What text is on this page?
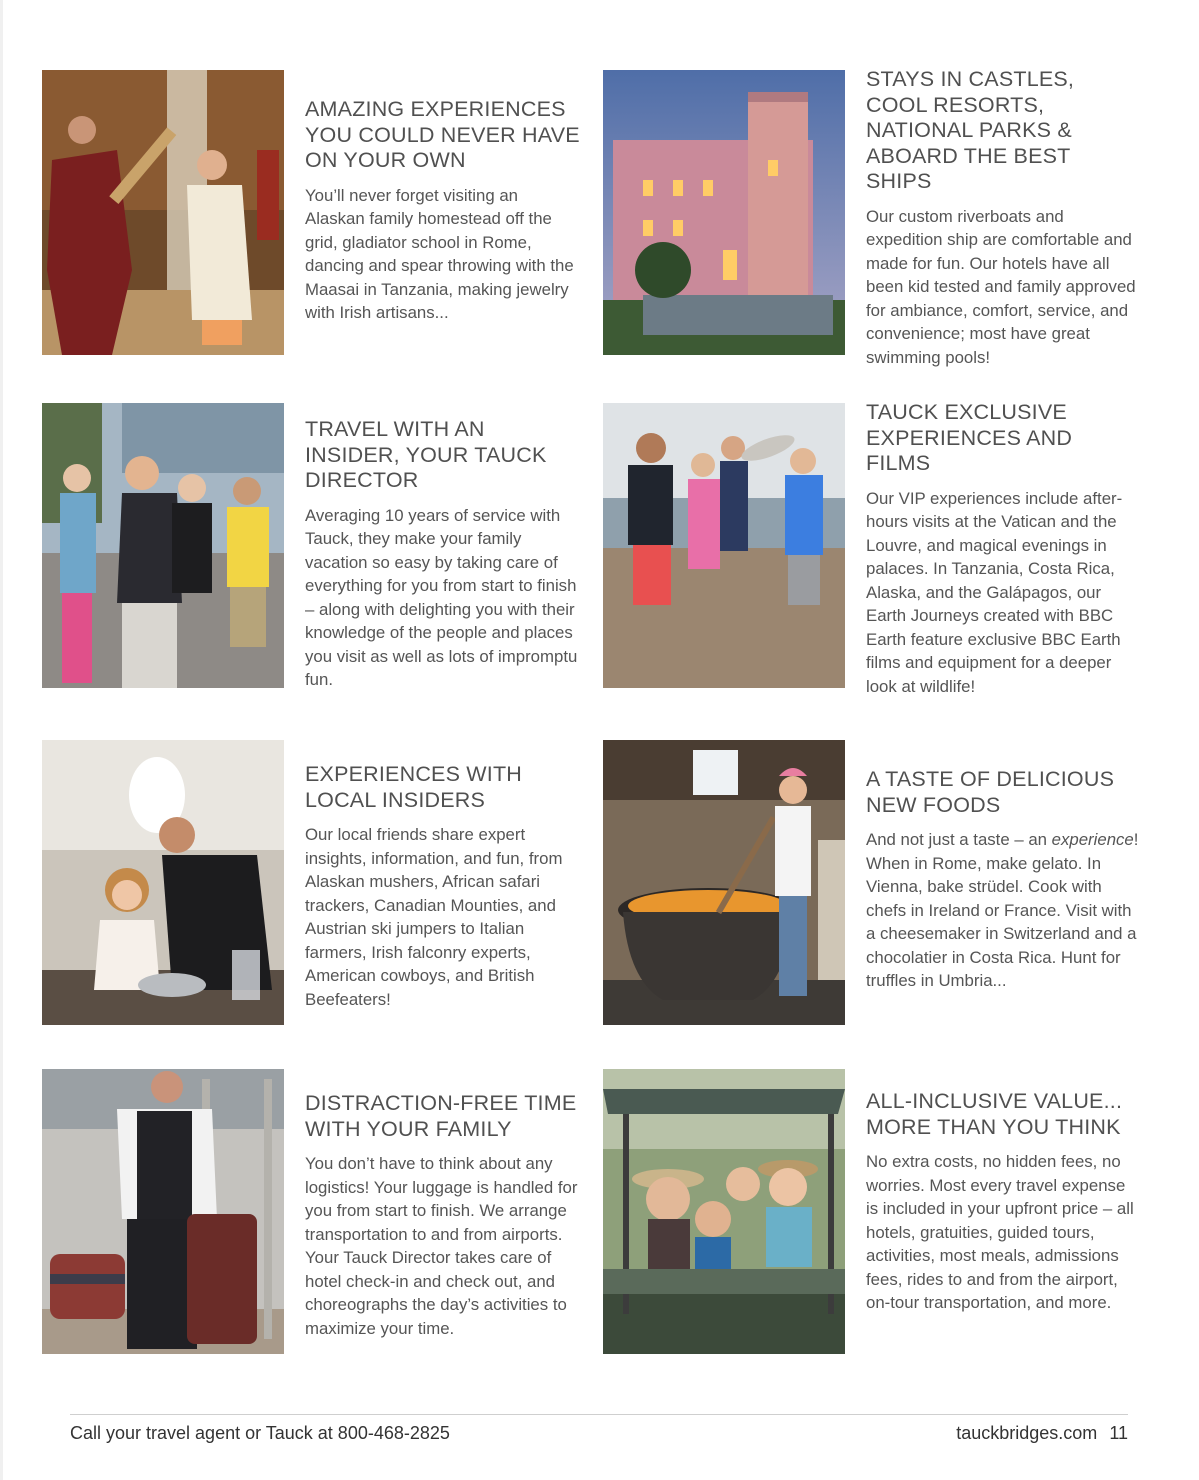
AMAZING EXPERIENCES YOU COULD NEVER HAVE ON YOUR OWN

You’ll never forget visiting an Alaskan family homestead off the grid, gladiator school in Rome, dancing and spear throwing with the Maasai in Tanzania, making jewelry with Irish artisans...

STAYS IN CASTLES, COOL RESORTS, NATIONAL PARKS & ABOARD THE BEST SHIPS

Our custom riverboats and expedition ship are comfortable and made for fun. Our hotels have all been kid tested and family approved for ambiance, comfort, service, and convenience; most have great swimming pools!

TRAVEL WITH AN INSIDER, YOUR TAUCK DIRECTOR

Averaging 10 years of service with Tauck, they make your family vacation so easy by taking care of everything for you from start to finish – along with delighting you with their knowledge of the people and places you visit as well as lots of impromptu fun.

TAUCK EXCLUSIVE EXPERIENCES AND FILMS

Our VIP experiences include after-hours visits at the Vatican and the Louvre, and magical evenings in palaces. In Tanzania, Costa Rica, Alaska, and the Galápagos, our Earth Journeys created with BBC Earth feature exclusive BBC Earth films and equipment for a deeper look at wildlife!

EXPERIENCES WITH LOCAL INSIDERS

Our local friends share expert insights, information, and fun, from Alaskan mushers, African safari trackers, Canadian Mounties, and Austrian ski jumpers to Italian farmers, Irish falconry experts, American cowboys, and British Beefeaters!

A TASTE OF DELICIOUS NEW FOODS

And not just a taste – an experience! When in Rome, make gelato. In Vienna, bake strüdel. Cook with chefs in Ireland or France. Visit with a cheesemaker in Switzerland and a chocolatier in Costa Rica. Hunt for truffles in Umbria...

DISTRACTION-FREE TIME WITH YOUR FAMILY

You don’t have to think about any logistics! Your luggage is handled for you from start to finish. We arrange transportation to and from airports. Your Tauck Director takes care of hotel check-in and check out, and choreographs the day’s activities to maximize your time.

ALL-INCLUSIVE VALUE... MORE THAN YOU THINK

No extra costs, no hidden fees, no worries. Most every travel expense is included in your upfront price – all hotels, gratuities, guided tours, activities, most meals, admissions fees, rides to and from the airport, on-tour transportation, and more.

Call your travel agent or Tauck at 800-468-2825	tauckbridges.com 11
